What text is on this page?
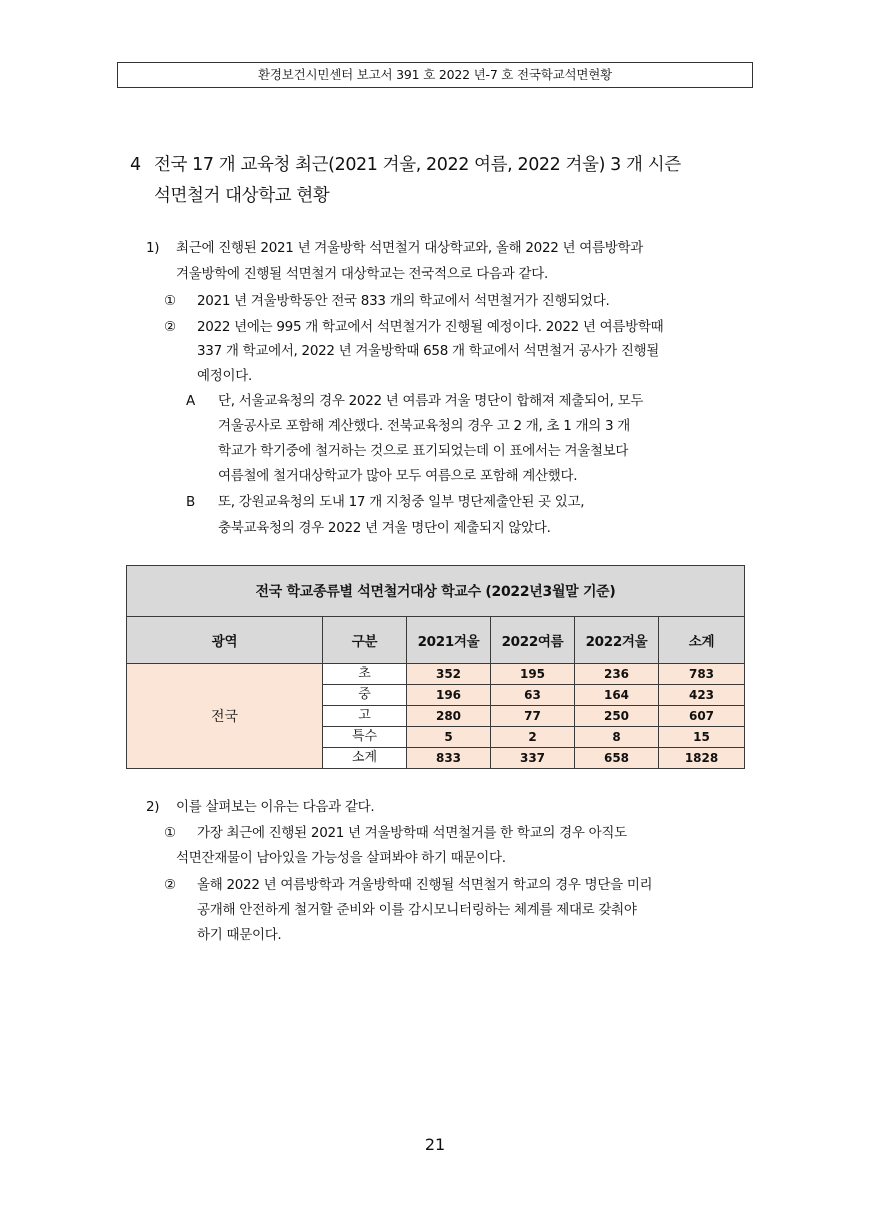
환경보건시민센터 보고서 391 호 2022 년-7 호 전국학교석면현황
4 전국 17 개 교육청 최근(2021 겨울, 2022 여름, 2022 겨울) 3 개 시즌
석면철거 대상학교 현황
1) 최근에 진행된 2021 년 겨울방학 석면철거 대상학교와, 올해 2022 년 여름방학과
겨울방학에 진행될 석면철거 대상학교는 전국적으로 다음과 같다.
① 2021 년 겨울방학동안 전국 833 개의 학교에서 석면철거가 진행되었다.
② 2022 년에는 995 개 학교에서 석면철거가 진행될 예정이다. 2022 년 여름방학때
337 개 학교에서, 2022 년 겨울방학때 658 개 학교에서 석면철거 공사가 진행될
예정이다.
A 단, 서울교육청의 경우 2022 년 여름과 겨울 명단이 합해져 제출되어, 모두
겨울공사로 포함해 계산했다. 전북교육청의 경우 고 2 개, 초 1 개의 3 개
학교가 학기중에 철거하는 것으로 표기되었는데 이 표에서는 겨울철보다
여름철에 철거대상학교가 많아 모두 여름으로 포함해 계산했다.
B 또, 강원교육청의 도내 17 개 지청중 일부 명단제출안된 곳 있고,
충북교육청의 경우 2022 년 겨울 명단이 제출되지 않았다.
전국 학교종류별 석면철거대상 학교수 (2022년3월말 기준)					
광역	구분	2021겨울	2022여름	2022겨울	소계
전국	초	352	195	236	783
	중	196	63	164	423
	고	280	77	250	607
	특수	5	2	8	15
	소계	833	337	658	1828
2) 이를 살펴보는 이유는 다음과 같다.
① 가장 최근에 진행된 2021 년 겨울방학때 석면철거를 한 학교의 경우 아직도
석면잔재물이 남아있을 가능성을 살펴봐야 하기 때문이다.
② 올해 2022 년 여름방학과 겨울방학때 진행될 석면철거 학교의 경우 명단을 미리
공개해 안전하게 철거할 준비와 이를 감시모니터링하는 체계를 제대로 갖춰야
하기 때문이다.
21
